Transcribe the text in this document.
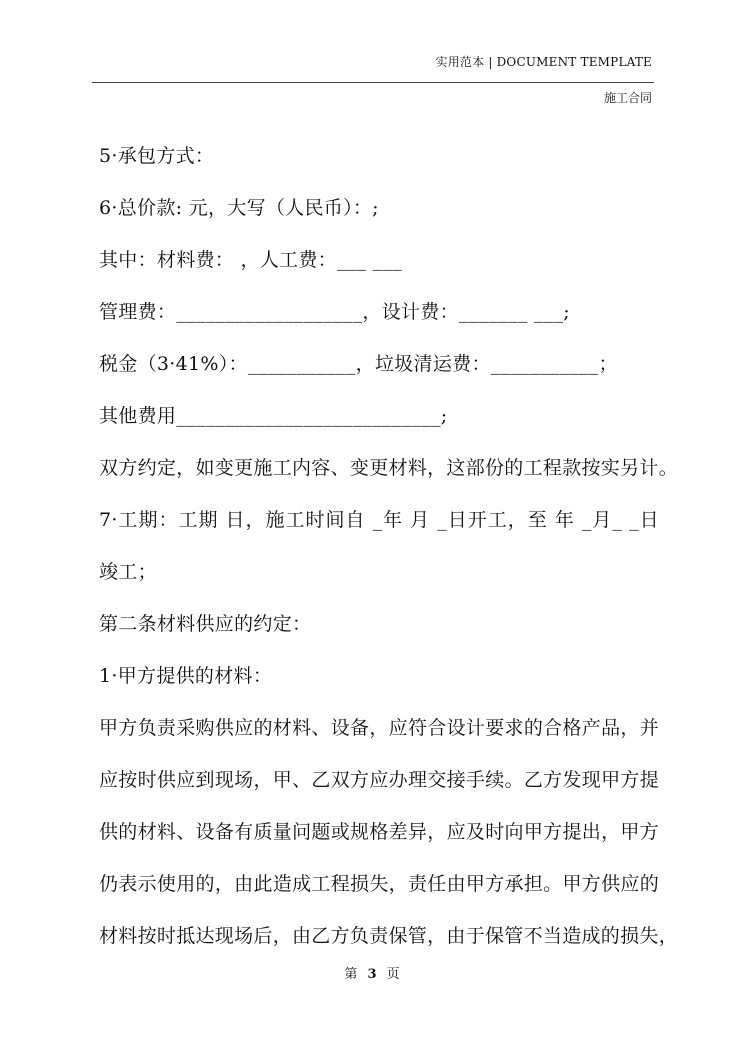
实用范本 | DOCUMENT TEMPLATE
施工合同
5·承包方式：
6·总价款: 元，大写（人民币）：;
其中：材料费： ，人工费：___ ___
管理费：___________________，设计费：_______ ___;
税金（3·41%）：___________，垃圾清运费：___________；
其他费用___________________________;
双方约定，如变更施工内容、变更材料，这部份的工程款按实另计。
7·工期：工期 日，施工时间自 _年 月 _日开工，至 年 _月_ _日
竣工；
第二条材料供应的约定：
1·甲方提供的材料：
甲方负责采购供应的材料、设备，应符合设计要求的合格产品，并
应按时供应到现场，甲、乙双方应办理交接手续。乙方发现甲方提
供的材料、设备有质量问题或规格差异，应及时向甲方提出，甲方
仍表示使用的，由此造成工程损失，责任由甲方承担。甲方供应的
材料按时抵达现场后，由乙方负责保管，由于保管不当造成的损失，
第 3 页
